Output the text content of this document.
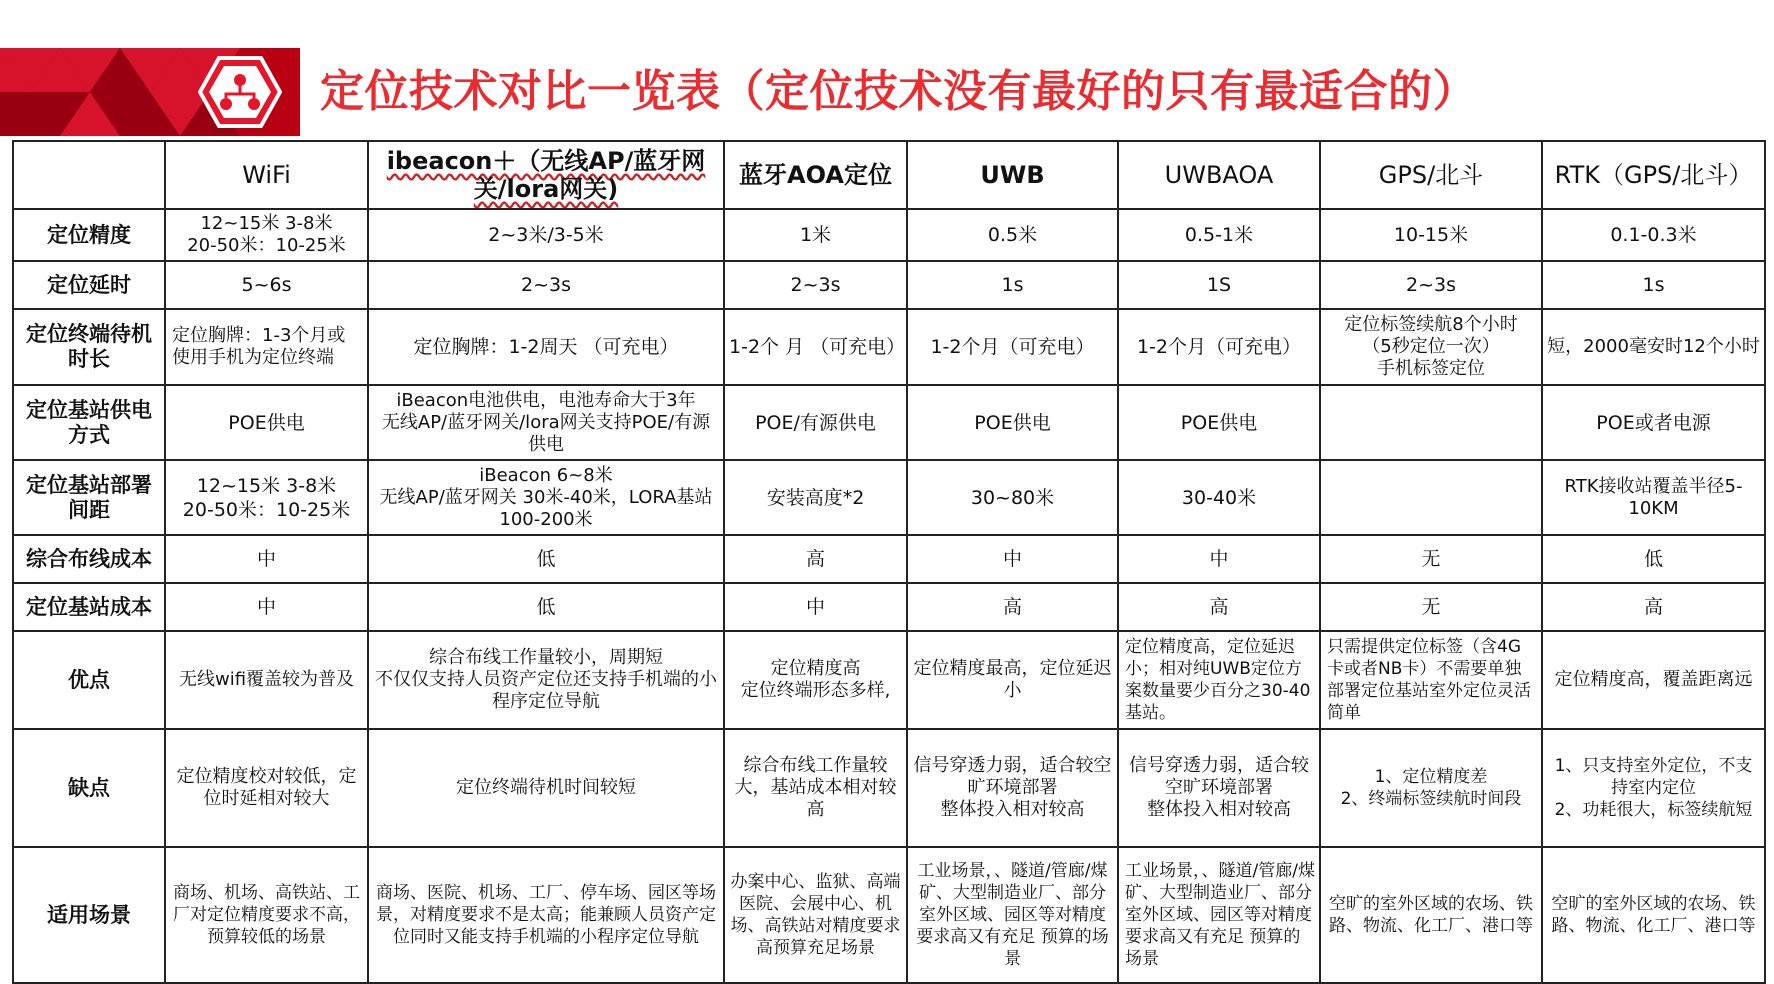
定位技术对比一览表（定位技术没有最好的只有最适合的）
	WiFi	ibeacon＋（无线AP/蓝牙网关/lora网关)	蓝牙AOA定位	UWB	UWBAOA	GPS/北斗	RTK（GPS/北斗）
定位精度	12~15米 3-8米
20-50米：10-25米	2~3米/3-5米	1米	0.5米	0.5-1米	10-15米	0.1-0.3米
定位延时	5~6s	2~3s	2~3s	1s	1S	2~3s	1s
定位终端待机时长	定位胸牌：1-3个月或使用手机为定位终端	定位胸牌：1-2周天 （可充电）	1-2个 月 （可充电）	1-2个月（可充电）	1-2个月（可充电）	定位标签续航8个小时
（5秒定位一次）
手机标签定位	短，2000毫安时12个小时
定位基站供电方式	POE供电	iBeacon电池供电，电池寿命大于3年
无线AP/蓝牙网关/lora网关支持POE/有源供电	POE/有源供电	POE供电	POE供电		POE或者电源
定位基站部署间距	12~15米 3-8米
20-50米：10-25米	iBeacon 6~8米
无线AP/蓝牙网关 30米-40米，LORA基站100-200米	安装高度*2	30~80米	30-40米		RTK接收站覆盖半径5-10KM
综合布线成本	中	低	高	中	中	无	低
定位基站成本	中	低	中	高	高	无	高
优点	无线wifi覆盖较为普及	综合布线工作量较小，周期短
不仅仅支持人员资产定位还支持手机端的小程序定位导航	定位精度高
定位终端形态多样,	定位精度最高，定位延迟小	定位精度高，定位延迟小；相对纯UWB定位方案数量要少百分之30-40基站。	只需提供定位标签（含4G卡或者NB卡）不需要单独部署定位基站室外定位灵活简单	定位精度高，覆盖距离远
缺点	定位精度校对较低，定位时延相对较大	定位终端待机时间较短	综合布线工作量较大，基站成本相对较高	信号穿透力弱，适合较空旷环境部署
整体投入相对较高	信号穿透力弱，适合较空旷环境部署
整体投入相对较高	1、定位精度差
2、终端标签续航时间段	1、只支持室外定位，不支持室内定位
2、功耗很大，标签续航短
适用场景	商场、机场、高铁站、工厂对定位精度要求不高，预算较低的场景	商场、医院、机场、工厂、停车场、园区等场景，对精度要求不是太高；能兼顾人员资产定位同时又能支持手机端的小程序定位导航	办案中心、监狱、高端医院、会展中心、机场、高铁站对精度要求高预算充足场景	工业场景，、隧道/管廊/煤矿、大型制造业厂、部分室外区域、园区等对精度要求高又有充足 预算的场景	工业场景，、隧道/管廊/煤矿、大型制造业厂、部分室外区域、园区等对精度要求高又有充足 预算的场景	空旷的室外区域的农场、铁路、物流、化工厂、港口等	空旷的室外区域的农场、铁路、物流、化工厂、港口等
